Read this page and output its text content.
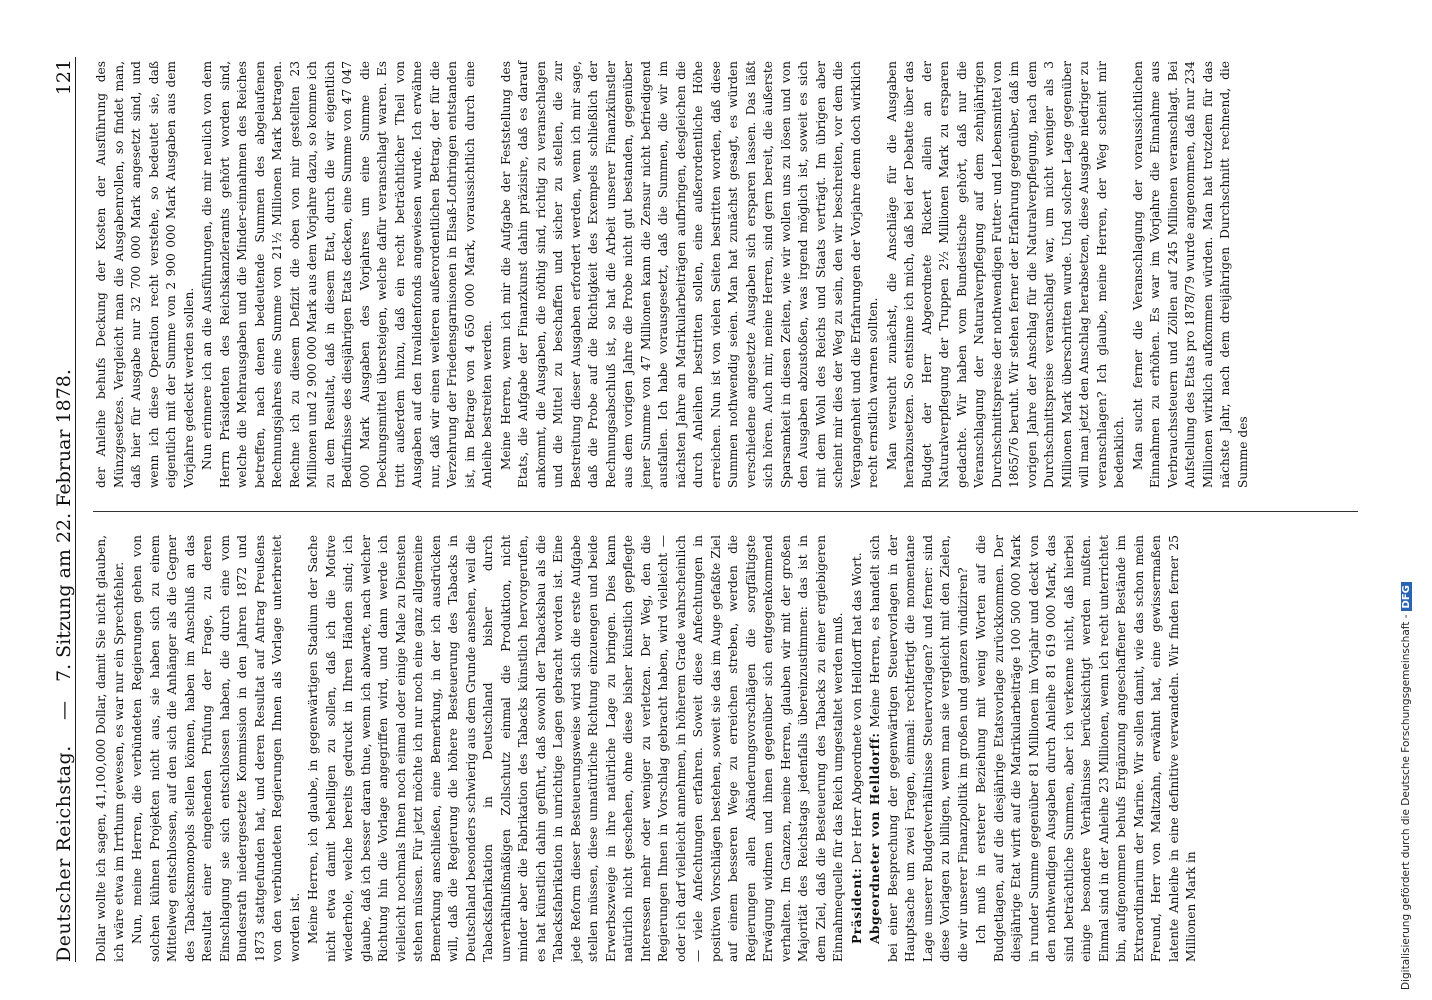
Deutscher Reichstag.
—
7. Sitzung am 22. Februar 1878.
121

Dollar wollte ich sagen, 41,100,000 Dollar, damit Sie nicht glauben, ich wäre etwa im Irrthum gewesen, es war nur ein Sprechfehler. Nun, meine Herren, die verbündeten Regierungen gehen von solchen kühnen Projekten nicht aus, sie haben sich zu einem Mittelweg entschlossen, auf den sich die Anhänger als die Gegner des Tabacksmonopols stellen können, haben im Anschluß an das Resultat einer eingehenden Prüfung der Frage, zu deren Einschlagung sie sich entschlossen haben, die durch eine vom Bundesrath niedergesetzte Kommission in den Jahren 1872 und 1873 stattgefunden hat, und deren Resultat auf Antrag Preußens von den verbündeten Regierungen Ihnen als Vorlage unterbreitet worden ist. Meine Herren, ich glaube, in gegenwärtigen Stadium der Sache nicht etwa damit behelligen zu sollen, daß ich die Motive wiederhole, welche bereits gedruckt in Ihren Händen sind; ich glaube, daß ich besser daran thue, wenn ich abwarte, nach welcher Richtung hin die Vorlage angegriffen wird, und dann werde ich vielleicht nochmals Ihnen noch einmal oder einige Male zu Diensten stehen müssen. Für jetzt möchte ich nur noch eine ganz allgemeine Bemerkung anschließen, eine Bemerkung, in der ich ausdrücken will, daß die Regierung die höhere Besteuerung des Tabacks in Deutschland besonders schwierig aus dem Grunde ansehen, weil die Tabacksfabrikation in Deutschland bisher durch unverhältnißmäßigen Zollschutz einmal die Produktion, nicht minder aber die Fabrikation des Tabacks künstlich hervorgerufen, es hat künstlich dahin geführt, daß sowohl der Tabacksbau als die Tabacksfabrikation in unrichtige Lagen gebracht worden ist. Eine jede Reform dieser Besteuerungsweise wird sich die erste Aufgabe stellen müssen, diese unnatürliche Richtung einzuengen und beide Erwerbszweige in ihre natürliche Lage zu bringen. Dies kann natürlich nicht geschehen, ohne diese bisher künstlich gepflegte Interessen mehr oder weniger zu verletzen. Der Weg, den die Regierungen Ihnen in Vorschlag gebracht haben, wird vielleicht — oder ich darf vielleicht annehmen, in höherem Grade wahrscheinlich — viele Anfechtungen erfahren. Soweit diese Anfechtungen in positiven Vorschlägen bestehen, soweit sie das im Auge gefaßte Ziel auf einem besseren Wege zu erreichen streben, werden die Regierungen allen Abänderungsvorschlägen die sorgfältigste Erwägung widmen und ihnen gegenüber sich entgegenkommend verhalten. Im Ganzen, meine Herren, glauben wir mit der großen Majorität des Reichstags jedenfalls übereinzustimmen: das ist in dem Ziel, daß die Besteuerung des Tabacks zu einer ergiebigeren Einnahmequelle für das Reich umgestaltet werden muß. Präsident: Der Herr Abgeordnete von Helldorff hat das Wort. Abgeordneter von Helldorff: Meine Herren, es handelt sich bei einer Besprechung der gegenwärtigen Steuervorlagen in der Hauptsache um zwei Fragen, einmal: rechtfertigt die momentane Lage unserer Budgetverhältnisse Steuervorlagen? und ferner: sind diese Vorlagen zu billigen, wenn man sie vergleicht mit den Zielen, die wir unserer Finanzpolitik im großen und ganzen vindiziren? Ich muß in ersterer Beziehung mit wenig Worten auf die Budgetlagen, auf die diesjährige Etatsvorlage zurückkommen. Der diesjährige Etat wirft auf die Matrikularbeiträge 100 500 000 Mark in runder Summe gegenüber 81 Millionen im Vorjahr und deckt von den nothwendigen Ausgaben durch Anleihe 81 619 000 Mark, das sind beträchtliche Summen, aber ich verkenne nicht, daß hierbei einige besondere Verhältnisse berücksichtigt werden mußten. Einmal sind in der Anleihe 23 Millionen, wenn ich recht unterrichtet bin, aufgenommen behufs Ergänzung angeschaffener Bestände im Extraordinarium der Marine. Wir sollen damit, wie das schon mein Freund, Herr von Maltzahn, erwähnt hat, eine gewissermaßen latente Anleihe in eine definitive verwandeln. Wir finden ferner 25 Millionen Mark in

der Anleihe behufs Deckung der Kosten der Ausführung des Münzgesetzes. Vergleicht man die Ausgabenrollen, so findet man, daß hier für Ausgabe nur 32 700 000 Mark angesetzt sind, und wenn ich diese Operation recht verstehe, so bedeutet sie, daß eigentlich mit der Summe von 2 900 000 Mark Ausgaben aus dem Vorjahre gedeckt werden sollen. Nun erinnere ich an die Ausführungen, die mir neulich von dem Herrn Präsidenten des Reichskanzleramts gehört worden sind, welche die Mehrausgaben und die Minder-einnahmen des Reiches betreffen, nach denen bedeutende Summen des abgelaufenen Rechnungsjahres eine Summe von 21½ Millionen Mark betragen. Rechne ich zu diesem Defizit die oben von mir gestellten 23 Millionen und 2 900 000 Mark aus dem Vorjahre dazu, so komme ich zu dem Resultat, daß in diesem Etat, durch die wir eigentlich Bedürfnisse des diesjährigen Etats decken, eine Summe von 47 047 000 Mark Ausgaben des Vorjahres um eine Summe die Deckungsmittel übersteigen, welche dafür veranschlagt waren. Es tritt außerdem hinzu, daß ein recht beträchtlicher Theil von Ausgaben auf den Invalidenfonds angewiesen wurde. Ich erwähne nur, daß wir einen weiteren außerordentlichen Betrag, der für die Verzehrung der Friedensgarnisonen in Elsaß-Lothringen entstanden ist, im Betrage von 4 650 000 Mark, voraussichtlich durch eine Anleihe bestreiten werden. Meine Herren, wenn ich mir die Aufgabe der Feststellung des Etats, die Aufgabe der Finanzkunst dahin präzisire, daß es darauf ankommt, die Ausgaben, die nöthig sind, richtig zu veranschlagen und die Mittel zu beschaffen und sicher zu stellen, die zur Bestreitung dieser Ausgaben erfordert werden, wenn ich mir sage, daß die Probe auf die Richtigkeit des Exempels schließlich der Rechnungsabschluß ist, so hat die Arbeit unserer Finanzkünstler aus dem vorigen Jahre die Probe nicht gut bestanden, gegenüber jener Summe von 47 Millionen kann die Zensur nicht befriedigend ausfallen. Ich habe vorausgesetzt, daß die Summen, die wir im nächsten Jahre an Matrikularbeiträgen aufbringen, desgleichen die durch Anleihen bestritten sollen, eine außerordentliche Höhe erreichen. Nun ist von vielen Seiten bestritten worden, daß diese Summen nothwendig seien. Man hat zunächst gesagt, es würden verschiedene angesetzte Ausgaben sich ersparen lassen. Das läßt sich hören. Auch mir, meine Herren, sind gern bereit, die äußerste Sparsamkeit in diesen Zeiten, wie wir wollen uns zu lösen und von den Ausgaben abzustoßen, was irgend möglich ist, soweit es sich mit dem Wohl des Reichs und Staats verträgt. Im übrigen aber scheint mir dies der Weg zu sein, den wir beschreiten, vor dem die Vergangenheit und die Erfahrungen der Vorjahre denn doch wirklich recht ernstlich warnen sollten. Man versucht zunächst, die Anschläge für die Ausgaben herabzusetzen. So entsinne ich mich, daß bei der Debatte über das Budget der Herr Abgeordnete Rickert allein an der Naturalverpflegung der Truppen 2½ Millionen Mark zu ersparen gedachte. Wir haben vom Bundestische gehört, daß nur die Veranschlagung der Naturalverpflegung auf dem zehnjährigen Durchschnittspreise der nothwendigen Futter- und Lebensmittel von 1865/76 beruht. Wir stehen ferner der Erfahrung gegenüber, daß im vorigen Jahre der Anschlag für die Naturalverpflegung, nach dem Durchschnittspreise veranschlagt war, um nicht weniger als 3 Millionen Mark überschritten wurde. Und solcher Lage gegenüber will man jetzt den Anschlag herabsetzen, diese Ausgabe niedriger zu veranschlagen? Ich glaube, meine Herren, der Weg scheint mir bedenklich. Man sucht ferner die Veranschlagung der voraussichtlichen Einnahmen zu erhöhen. Es war im Vorjahre die Einnahme aus Verbrauchssteuern und Zöllen auf 245 Millionen veranschlagt. Bei Aufstellung des Etats pro 1878/79 wurde angenommen, daß nur 234 Millionen wirklich aufkommen würden. Man hat trotzdem für das nächste Jahr, nach dem dreijährigen Durchschnitt rechnend, die Summe des

Digitalisierung gefördert durch die Deutsche Forschungsgemeinschaft -DFG
